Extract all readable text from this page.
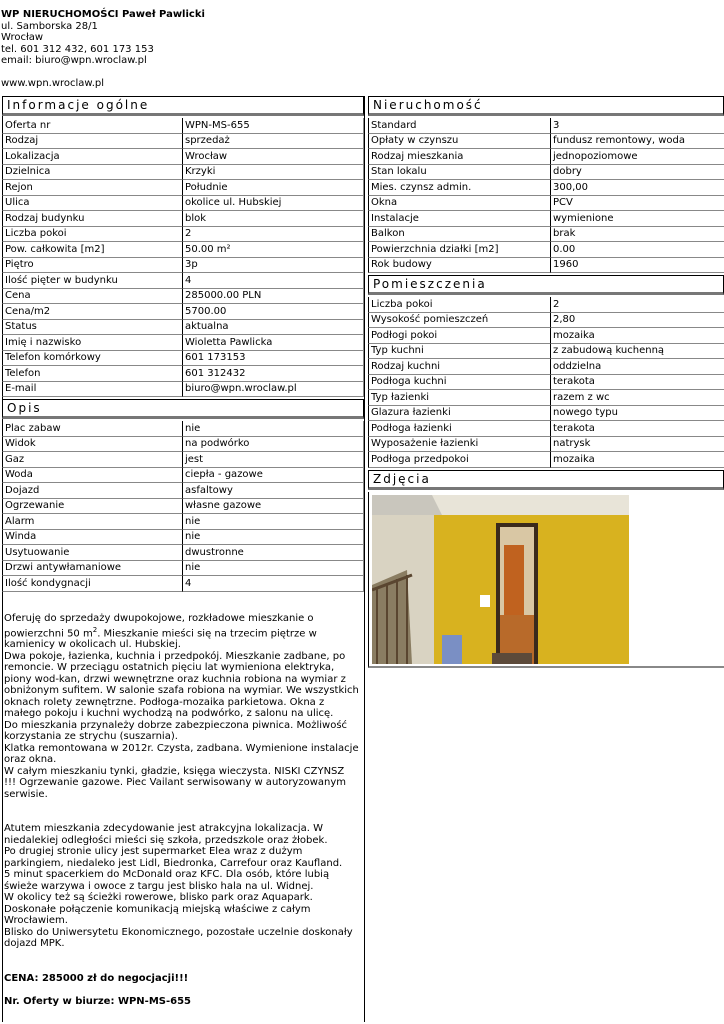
WP NIERUCHOMOŚCI Paweł Pawlicki
ul. Samborska 28/1
Wrocław
tel. 601 312 432, 601 173 153
email: biuro@wpn.wroclaw.pl
www.wpn.wroclaw.pl
Informacje ogólne
Oferta nr	WPN-MS-655
Rodzaj	sprzedaż
Lokalizacja	Wrocław
Dzielnica	Krzyki
Rejon	Południe
Ulica	okolice ul. Hubskiej
Rodzaj budynku	blok
Liczba pokoi	2
Pow. całkowita [m2]	50.00 m²
Piętro	3p
Ilość pięter w budynku	4
Cena	285000.00 PLN
Cena/m2	5700.00
Status	aktualna
Imię i nazwisko	Wioletta Pawlicka
Telefon komórkowy	601 173153
Telefon	601 312432
E-mail	biuro@wpn.wroclaw.pl
Opis
Plac zabaw	nie
Widok	na podwórko
Gaz	jest
Woda	ciepła - gazowe
Dojazd	asfaltowy
Ogrzewanie	własne gazowe
Alarm	nie
Winda	nie
Usytuowanie	dwustronne
Drzwi antywłamaniowe	nie
Ilość kondygnacji	4
Nieruchomość
Standard	3
Opłaty w czynszu	fundusz remontowy, woda
Rodzaj mieszkania	jednopoziomowe
Stan lokalu	dobry
Mies. czynsz admin.	300,00
Okna	PCV
Instalacje	wymienione
Balkon	brak
Powierzchnia działki [m2]	0.00
Rok budowy	1960
Pomieszczenia
Liczba pokoi	2
Wysokość pomieszczeń	2,80
Podłogi pokoi	mozaika
Typ kuchni	z zabudową kuchenną
Rodzaj kuchni	oddzielna
Podłoga kuchni	terakota
Typ łazienki	razem z wc
Glazura łazienki	nowego typu
Podłoga łazienki	terakota
Wyposażenie łazienki	natrysk
Podłoga przedpokoi	mozaika
Zdjęcia

Oferuję do sprzedaży dwupokojowe, rozkładowe mieszkanie o powierzchni 50 $m^2$. Mieszkanie mieści się na trzecim piętrze w kamienicy w okolicach ul. Hubskiej.

Dwa pokoje, łazienka, kuchnia i przedpokój. Mieszkanie zadbane, po remoncie. W przeciągu ostatnich pięciu lat wymieniona elektryka, piony wod-kan, drzwi wewnętrzne oraz kuchnia robiona na wymiar z obniżonym sufitem. W salonie szafa robiona na wymiar. We wszystkich oknach rolety zewnętrzne. Podłoga-mozaika parkietowa. Okna z małego pokoju i kuchni wychodzą na podwórko, z salonu na ulicę.

Do mieszkania przynależy dobrze zabezpieczona piwnica. Możliwość korzystania ze strychu (suszarnia).

Klatka remontowana w 2012r. Czysta, zadbana. Wymienione instalacje oraz okna.

W całym mieszkaniu tynki, gładzie, księga wieczysta. NISKI CZYNSZ

!!! Ogrzewanie gazowe. Piec Vailant serwisowany w autoryzowanym serwisie.

Atutem mieszkania zdecydowanie jest atrakcyjna lokalizacja. W niedalekiej odległości mieści się szkoła, przedszkole oraz żłobek.

Po drugiej stronie ulicy jest supermarket Elea wraz z dużym parkingiem, niedaleko jest Lidl, Biedronka, Carrefour oraz Kaufland.

5 minut spacerkiem do McDonald oraz KFC. Dla osób, które lubią świeże warzywa i owoce z targu jest blisko hala na ul. Widnej.

W okolicy też są ścieżki rowerowe, blisko park oraz Aquapark.

Doskonałe połączenie komunikacją miejską właściwe z całym Wrocławiem.

Blisko do Uniwersytetu Ekonomicznego, pozostałe uczelnie doskonały dojazd MPK.

CENA: 285000 zł do negocjacji!!!

Nr. Oferty w biurze: WPN-MS-655
